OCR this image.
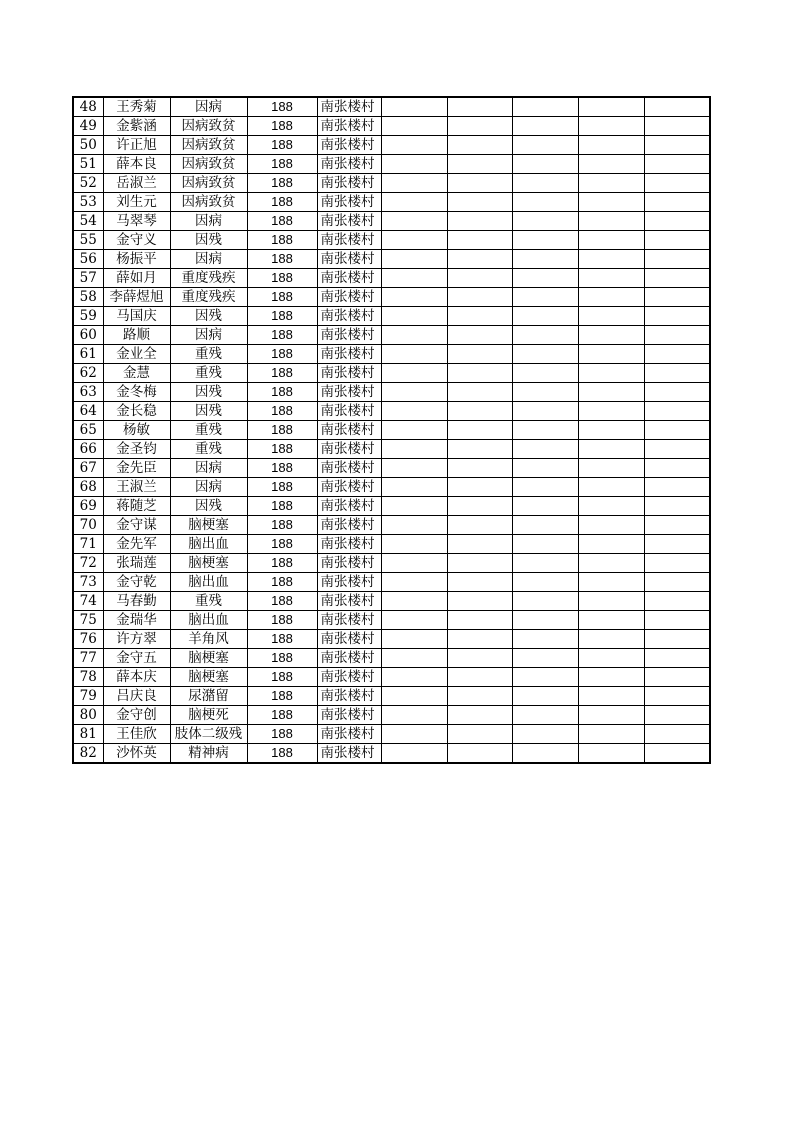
48	王秀菊	因病	188	南张楼村					
49	金紫涵	因病致贫	188	南张楼村					
50	许正旭	因病致贫	188	南张楼村					
51	薛本良	因病致贫	188	南张楼村					
52	岳淑兰	因病致贫	188	南张楼村					
53	刘生元	因病致贫	188	南张楼村					
54	马翠琴	因病	188	南张楼村					
55	金守义	因残	188	南张楼村					
56	杨振平	因病	188	南张楼村					
57	薛如月	重度残疾	188	南张楼村					
58	李薛煜旭	重度残疾	188	南张楼村					
59	马国庆	因残	188	南张楼村					
60	路顺	因病	188	南张楼村					
61	金业全	重残	188	南张楼村					
62	金慧	重残	188	南张楼村					
63	金冬梅	因残	188	南张楼村					
64	金长稳	因残	188	南张楼村					
65	杨敏	重残	188	南张楼村					
66	金圣钧	重残	188	南张楼村					
67	金先臣	因病	188	南张楼村					
68	王淑兰	因病	188	南张楼村					
69	蒋随芝	因残	188	南张楼村					
70	金守谋	脑梗塞	188	南张楼村					
71	金先军	脑出血	188	南张楼村					
72	张瑞莲	脑梗塞	188	南张楼村					
73	金守乾	脑出血	188	南张楼村					
74	马春勤	重残	188	南张楼村					
75	金瑞华	脑出血	188	南张楼村					
76	许方翠	羊角风	188	南张楼村					
77	金守五	脑梗塞	188	南张楼村					
78	薛本庆	脑梗塞	188	南张楼村					
79	吕庆良	尿潴留	188	南张楼村					
80	金守创	脑梗死	188	南张楼村					
81	王佳欣	肢体二级残	188	南张楼村					
82	沙怀英	精神病	188	南张楼村					
